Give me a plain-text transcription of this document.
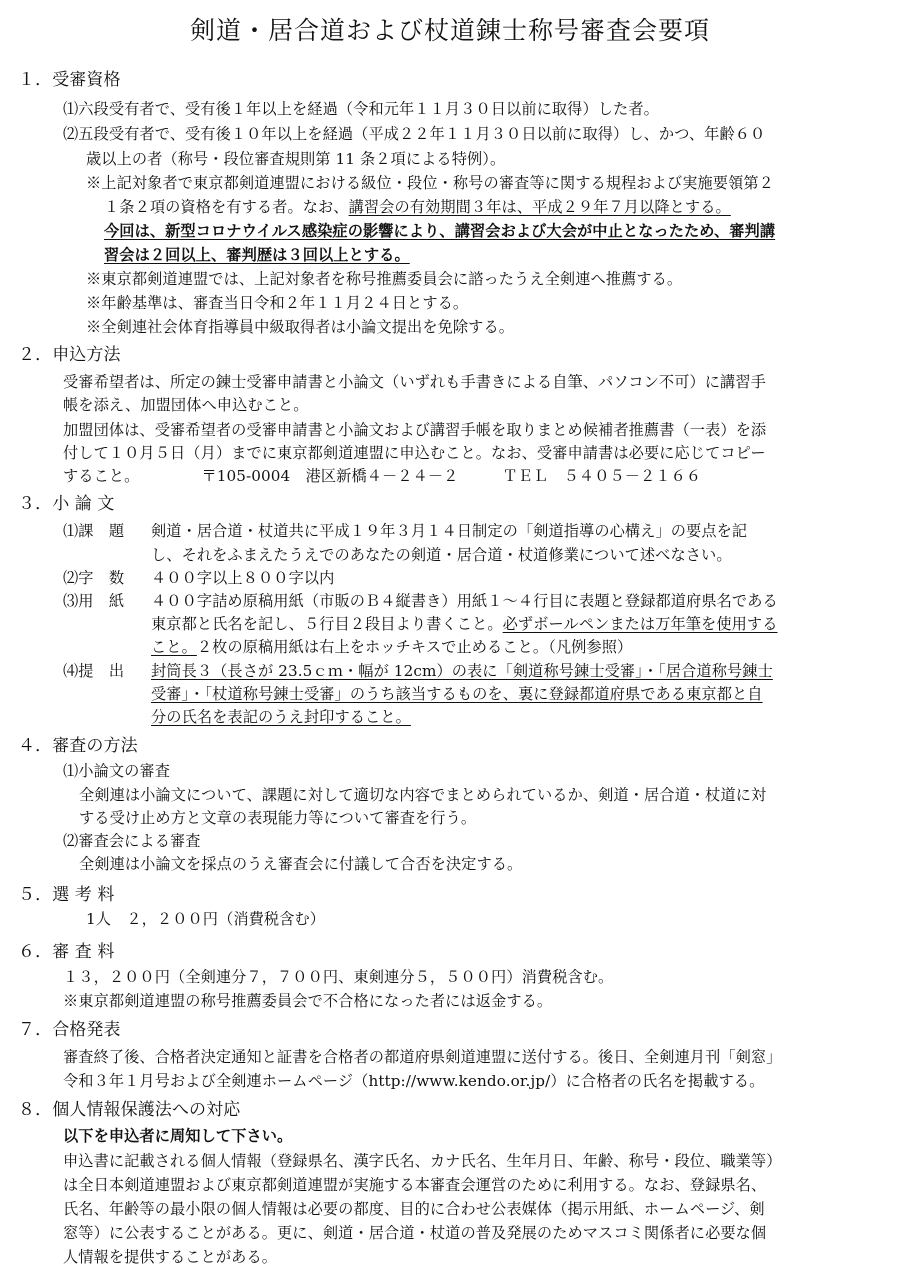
剣道・居合道および杖道錬士称号審査会要項
１．受審資格
⑴六段受有者で、受有後１年以上を経過（令和元年１１月３０日以前に取得）した者。
⑵五段受有者で、受有後１０年以上を経過（平成２２年１１月３０日以前に取得）し、かつ、年齢６０
歳以上の者（称号・段位審査規則第 11 条２項による特例）。
※上記対象者で東京都剣道連盟における級位・段位・称号の審査等に関する規程および実施要領第２
１条２項の資格を有する者。なお、講習会の有効期間３年は、平成２９年７月以降とする。
今回は、新型コロナウイルス感染症の影響により、講習会および大会が中止となったため、審判講
習会は２回以上、審判歴は３回以上とする。
※東京都剣道連盟では、上記対象者を称号推薦委員会に諮ったうえ全剣連へ推薦する。
※年齢基準は、審査当日令和２年１１月２４日とする。
※全剣連社会体育指導員中級取得者は小論文提出を免除する。
２．申込方法
受審希望者は、所定の錬士受審申請書と小論文（いずれも手書きによる自筆、パソコン不可）に講習手
帳を添え、加盟団体へ申込むこと。
加盟団体は、受審希望者の受審申請書と小論文および講習手帳を取りまとめ候補者推薦書（一表）を添
付して１０月５日（月）までに東京都剣道連盟に申込むこと。なお、受審申請書は必要に応じてコピー
すること。	〒105-0004　港区新橋４－２４－２	ＴＥＬ　５４０５－２１６６
３．小 論 文
⑴課　題 剣道・居合道・杖道共に平成１９年３月１４日制定の「剣道指導の心構え」の要点を記
し、それをふまえたうえでのあなたの剣道・居合道・杖道修業について述べなさい。
⑵字　数 ４００字以上８００字以内
⑶用　紙 ４００字詰め原稿用紙（市販のＢ４縦書き）用紙１～４行目に表題と登録都道府県名である
東京都と氏名を記し、５行目２段目より書くこと。必ずボールペンまたは万年筆を使用する
こと。２枚の原稿用紙は右上をホッチキスで止めること。（凡例参照）
⑷提　出 封筒長３（長さが 23.5ｃｍ・幅が 12cm）の表に「剣道称号錬士受審」・「居合道称号錬士
受審」・「杖道称号錬士受審」のうち該当するものを、裏に登録都道府県である東京都と自
分の氏名を表記のうえ封印すること。
４．審査の方法
⑴小論文の審査
全剣連は小論文について、課題に対して適切な内容でまとめられているか、剣道・居合道・杖道に対
する受け止め方と文章の表現能力等について審査を行う。
⑵審査会による審査
全剣連は小論文を採点のうえ審査会に付議して合否を決定する。
５．選 考 料
1人　２，２００円（消費税含む）
６．審 査 料
１３，２００円（全剣連分７，７００円、東剣連分５，５００円）消費税含む。
※東京都剣道連盟の称号推薦委員会で不合格になった者には返金する。
７．合格発表
審査終了後、合格者決定通知と証書を合格者の都道府県剣道連盟に送付する。後日、全剣連月刊「剣窓」
令和３年１月号および全剣連ホームページ（http://www.kendo.or.jp/）に合格者の氏名を掲載する。
８．個人情報保護法への対応
以下を申込者に周知して下さい。
申込書に記載される個人情報（登録県名、漢字氏名、カナ氏名、生年月日、年齢、称号・段位、職業等）
は全日本剣道連盟および東京都剣道連盟が実施する本審査会運営のために利用する。なお、登録県名、
氏名、年齢等の最小限の個人情報は必要の都度、目的に合わせ公表媒体（掲示用紙、ホームページ、剣
窓等）に公表することがある。更に、剣道・居合道・杖道の普及発展のためマスコミ関係者に必要な個
人情報を提供することがある。
